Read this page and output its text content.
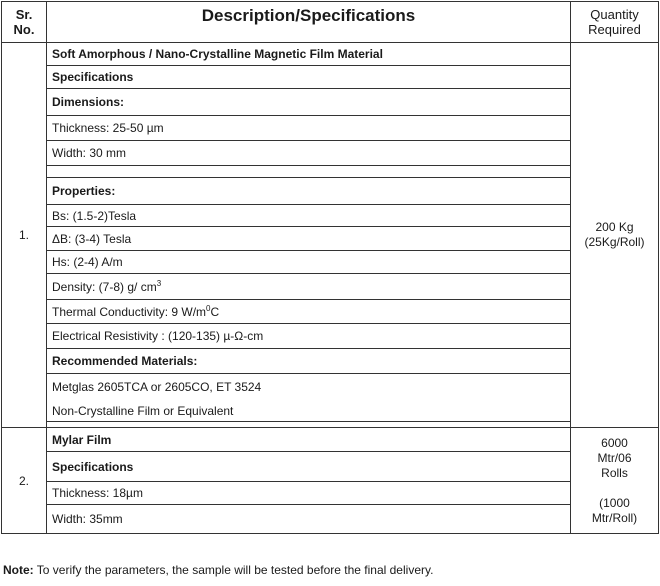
Sr.
No.	Description/Specifications	Quantity
Required
1.	Soft Amorphous / Nano-Crystalline Magnetic Film Material	200 Kg
(25Kg/Roll)
	Specifications	
	Dimensions:	
	Thickness: 25-50 µm	
	Width: 30 mm	

	Properties:	
	Bs: (1.5-2)Tesla	
	ΔB: (3-4) Tesla	
	Hs: (2-4) A/m	
	Density: (7-8) g/ $cm^3$
	Thermal Conductivity: 9 $W/m^0C$	
	Electrical Resistivity : (120-135) µ-Ω-cm	
	Recommended Materials:	
	Metglas 2605TCA or 2605CO, ET 3524	
	Non-Crystalline Film or Equivalent	

2.	Mylar Film	6000
Mtr/06
Rolls

(1000
Mtr/Roll)
	Specifications	
	Thickness: 18µm	
	Width: 35mm	
Note: To verify the parameters, the sample will be tested before the final delivery.
